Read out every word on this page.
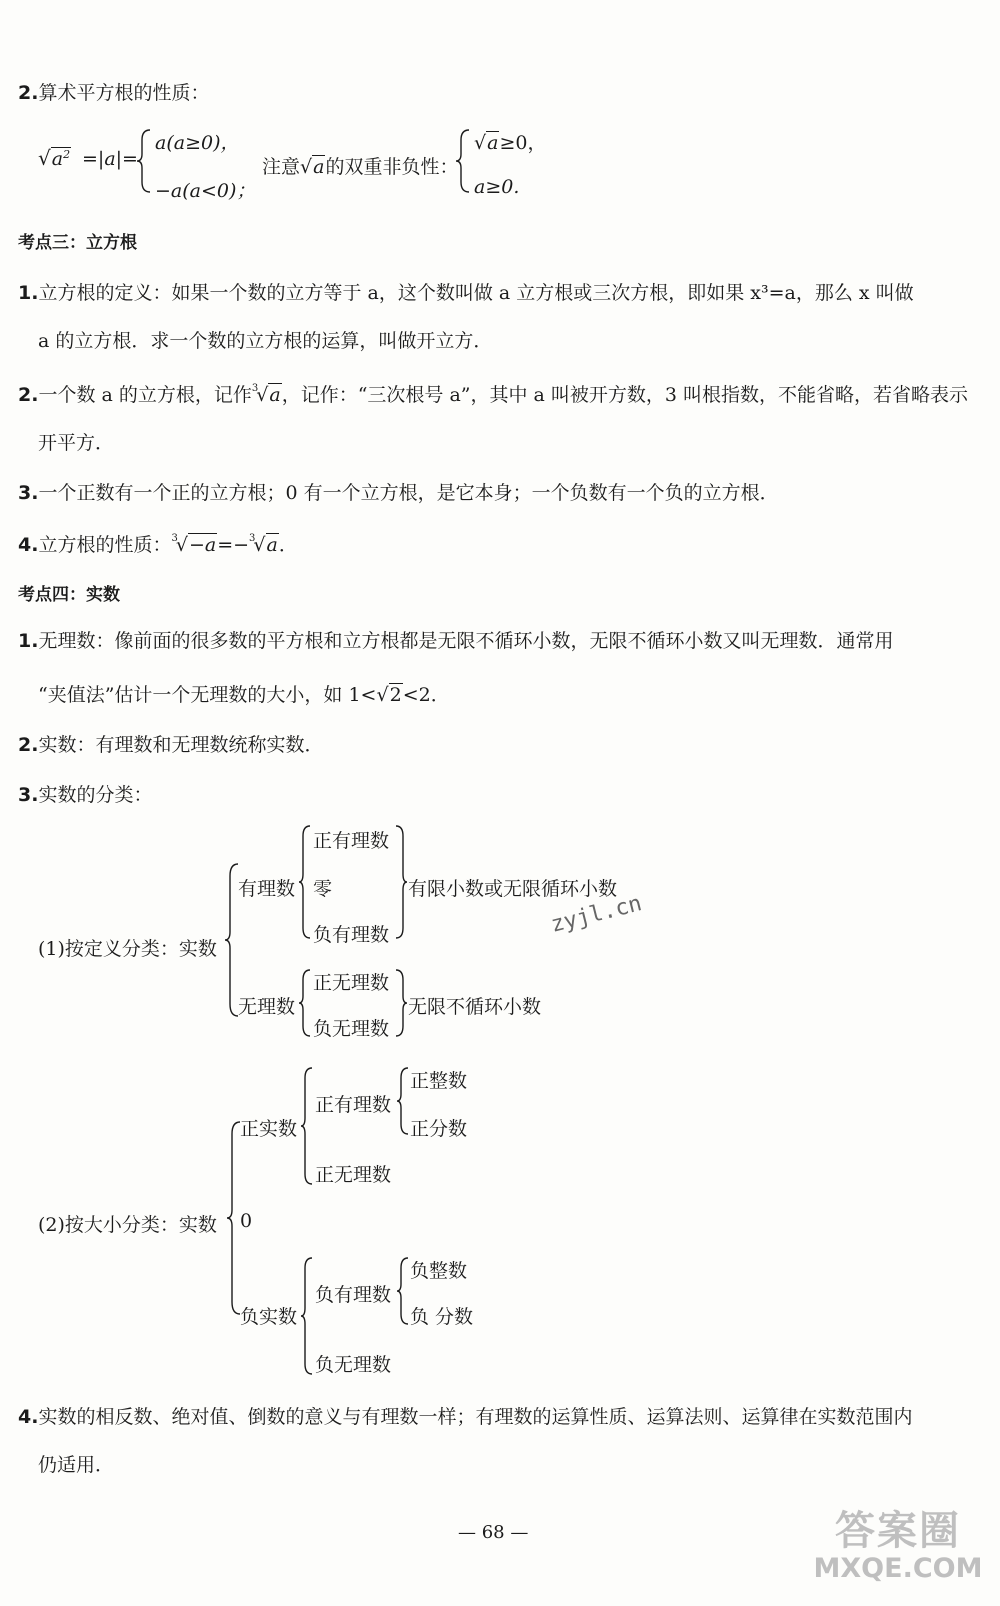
2.算术平方根的性质：
$√a^2 =|a|=$
a(a≥0)，
−a(a<0)；
注意√a的双重非负性：
√a≥0，
a≥0.
考点三：立方根
1.立方根的定义：如果一个数的立方等于 a，这个数叫做 a 立方根或三次方根，即如果 x³=a，那么 x 叫做
a 的立方根．求一个数的立方根的运算，叫做开立方．
2.一个数 a 的立方根，记作$^3$√a，记作：“三次根号 a”，其中 a 叫被开方数，3 叫根指数，不能省略，若省略表示
开平方．
3.一个正数有一个正的立方根；0 有一个立方根，是它本身；一个负数有一个负的立方根．
4.立方根的性质：$^3$√−a=−$^3$√a．
考点四：实数
1.无理数：像前面的很多数的平方根和立方根都是无限不循环小数，无限不循环小数又叫无理数．通常用
“夹值法”估计一个无理数的大小，如 1<√2<2．
2.实数：有理数和无理数统称实数．
3.实数的分类：
(1)按定义分类：实数
有理数
正有理数
零
负有理数
有限小数或无限循环小数
无理数
正无理数
负无理数
无限不循环小数
zyjl.cn
(2)按大小分类：实数
正实数
0
负实数
正有理数
正整数
正分数
正无理数
负有理数
负整数
负 分数
负无理数
4.实数的相反数、绝对值、倒数的意义与有理数一样；有理数的运算性质、运算法则、运算律在实数范围内
仍适用．
— 68 —	答案圈
MXQE.COM
